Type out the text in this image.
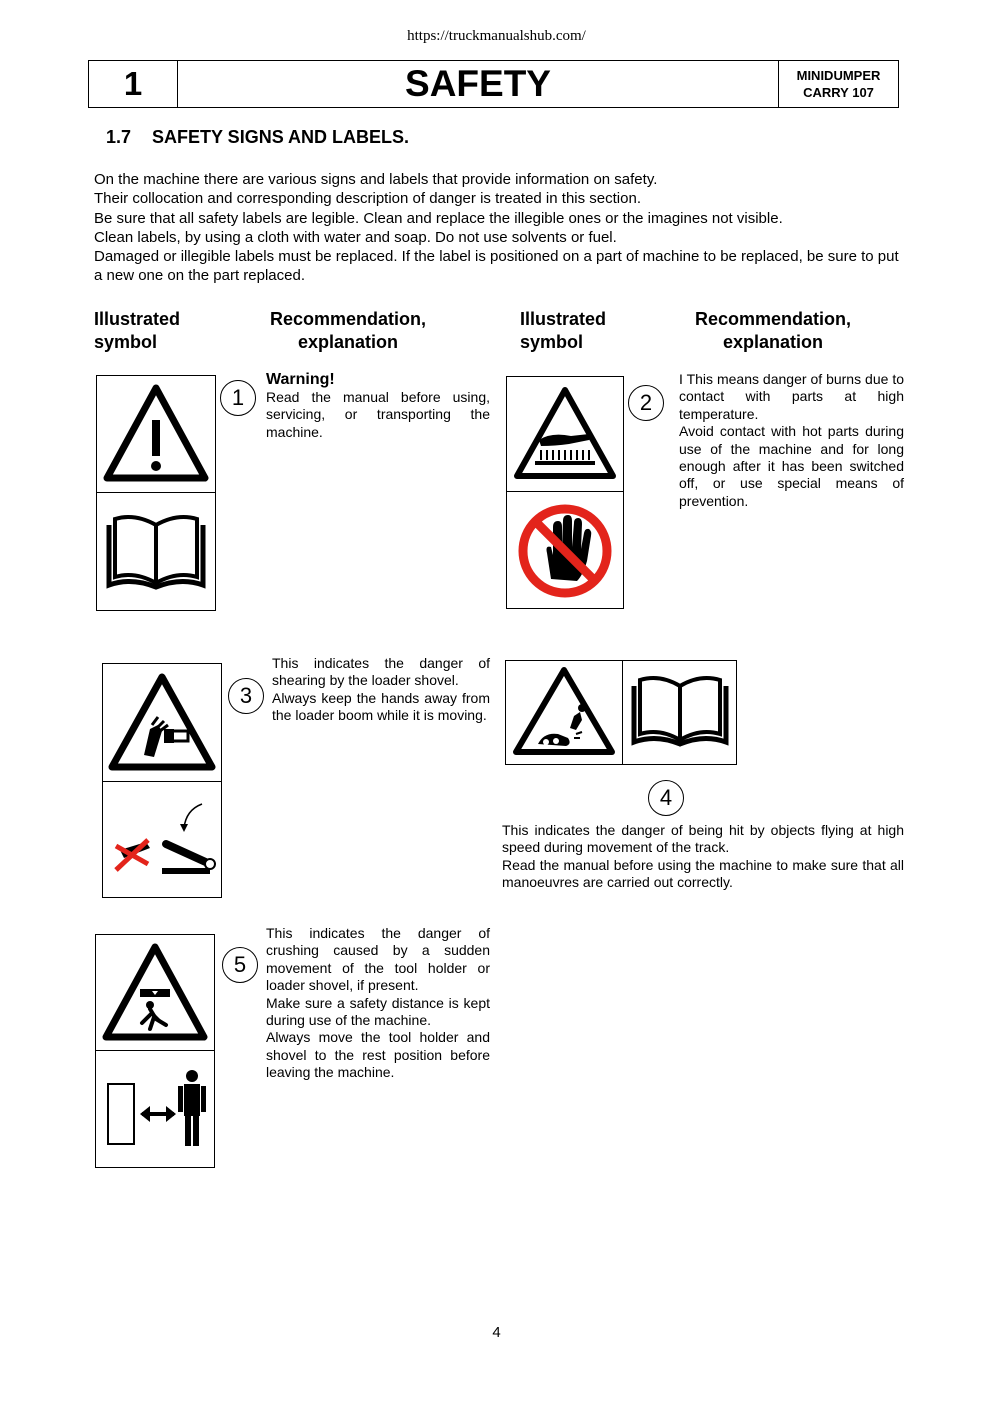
https://truckmanualshub.com/
1	SAFETY	MINIDUMPER
CARRY 107
1.7 SAFETY SIGNS AND LABELS.

On the machine there are various signs and labels that provide information on safety.

Their collocation and corresponding description of danger is treated in this section.

Be sure that all safety labels are legible. Clean and replace the illegible ones or the imagines not visible.

Clean labels, by using a cloth with water and soap. Do not use solvents or fuel.

Damaged or illegible labels must be replaced. If the label is positioned on a part of machine to be replaced, be sure to put a new one on the part replaced.

Illustrated
symbol
Recommendation,
explanation
Illustrated
symbol
Recommendation,
explanation
1
Warning!
Read the manual before using, servicing, or transporting the machine.
2
I This means danger of burns due to contact with parts at high temperature.
Avoid contact with hot parts during use of the machine and for long enough after it has been switched off, or use special means of prevention.
3
This indicates the danger of shearing by the loader shovel.
Always keep the hands away from the loader boom while it is moving.
4
This indicates the danger of being hit by objects flying at high speed during movement of the track.
Read the manual before using the machine to make sure that all manoeuvres are carried out correctly.
5
This indicates the danger of crushing caused by a sudden movement of the tool holder or loader shovel, if present.
Make sure a safety distance is kept during use of the machine.
Always move the tool holder and shovel to the rest position before leaving the machine.
4
